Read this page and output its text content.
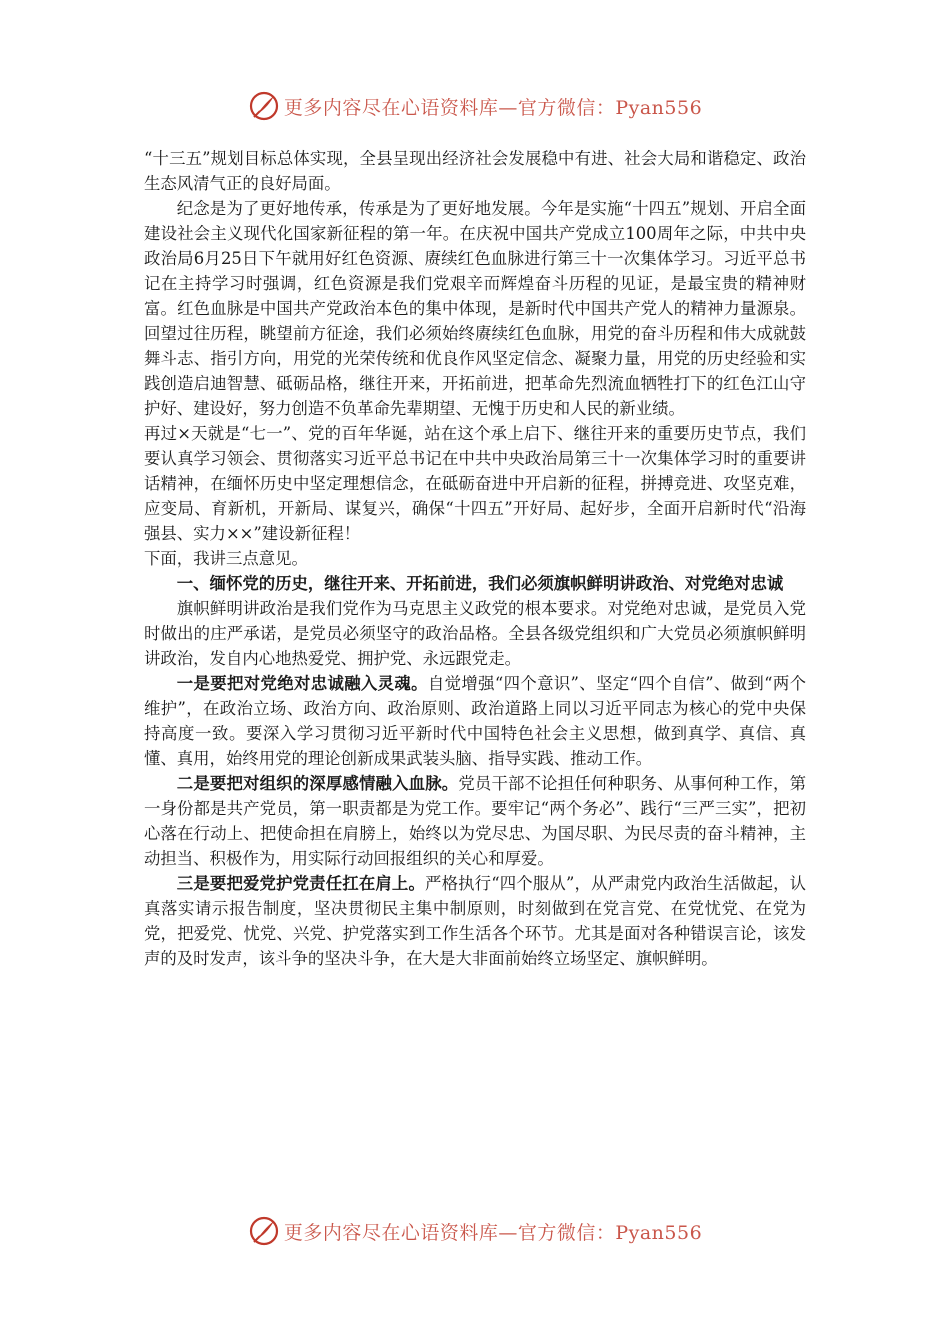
更多内容尽在心语资料库—官方微信：Pyan556

“十三五”规划目标总体实现，全县呈现出经济社会发展稳中有进、社会大局和谐稳定、政治生态风清气正的良好局面。

纪念是为了更好地传承，传承是为了更好地发展。今年是实施“十四五”规划、开启全面建设社会主义现代化国家新征程的第一年。在庆祝中国共产党成立100周年之际，中共中央政治局6月25日下午就用好红色资源、赓续红色血脉进行第三十一次集体学习。习近平总书记在主持学习时强调，红色资源是我们党艰辛而辉煌奋斗历程的见证，是最宝贵的精神财富。红色血脉是中国共产党政治本色的集中体现，是新时代中国共产党人的精神力量源泉。回望过往历程，眺望前方征途，我们必须始终赓续红色血脉，用党的奋斗历程和伟大成就鼓舞斗志、指引方向，用党的光荣传统和优良作风坚定信念、凝聚力量，用党的历史经验和实践创造启迪智慧、砥砺品格，继往开来，开拓前进，把革命先烈流血牺牲打下的红色江山守护好、建设好，努力创造不负革命先辈期望、无愧于历史和人民的新业绩。

再过×天就是“七一”、党的百年华诞，站在这个承上启下、继往开来的重要历史节点，我们要认真学习领会、贯彻落实习近平总书记在中共中央政治局第三十一次集体学习时的重要讲话精神，在缅怀历史中坚定理想信念，在砥砺奋进中开启新的征程，拼搏竞进、攻坚克难，应变局、育新机，开新局、谋复兴，确保“十四五”开好局、起好步，全面开启新时代“沿海强县、实力××”建设新征程！

下面，我讲三点意见。

一、缅怀党的历史，继往开来、开拓前进，我们必须旗帜鲜明讲政治、对党绝对忠诚

旗帜鲜明讲政治是我们党作为马克思主义政党的根本要求。对党绝对忠诚，是党员入党时做出的庄严承诺，是党员必须坚守的政治品格。全县各级党组织和广大党员必须旗帜鲜明讲政治，发自内心地热爱党、拥护党、永远跟党走。

一是要把对党绝对忠诚融入灵魂。自觉增强“四个意识”、坚定“四个自信”、做到“两个维护”，在政治立场、政治方向、政治原则、政治道路上同以习近平同志为核心的党中央保持高度一致。要深入学习贯彻习近平新时代中国特色社会主义思想，做到真学、真信、真懂、真用，始终用党的理论创新成果武装头脑、指导实践、推动工作。

二是要把对组织的深厚感情融入血脉。党员干部不论担任何种职务、从事何种工作，第一身份都是共产党员，第一职责都是为党工作。要牢记“两个务必”、践行“三严三实”，把初心落在行动上、把使命担在肩膀上，始终以为党尽忠、为国尽职、为民尽责的奋斗精神，主动担当、积极作为，用实际行动回报组织的关心和厚爱。

三是要把爱党护党责任扛在肩上。严格执行“四个服从”，从严肃党内政治生活做起，认真落实请示报告制度，坚决贯彻民主集中制原则，时刻做到在党言党、在党忧党、在党为党，把爱党、忧党、兴党、护党落实到工作生活各个环节。尤其是面对各种错误言论，该发声的及时发声，该斗争的坚决斗争，在大是大非面前始终立场坚定、旗帜鲜明。

更多内容尽在心语资料库—官方微信：Pyan556
